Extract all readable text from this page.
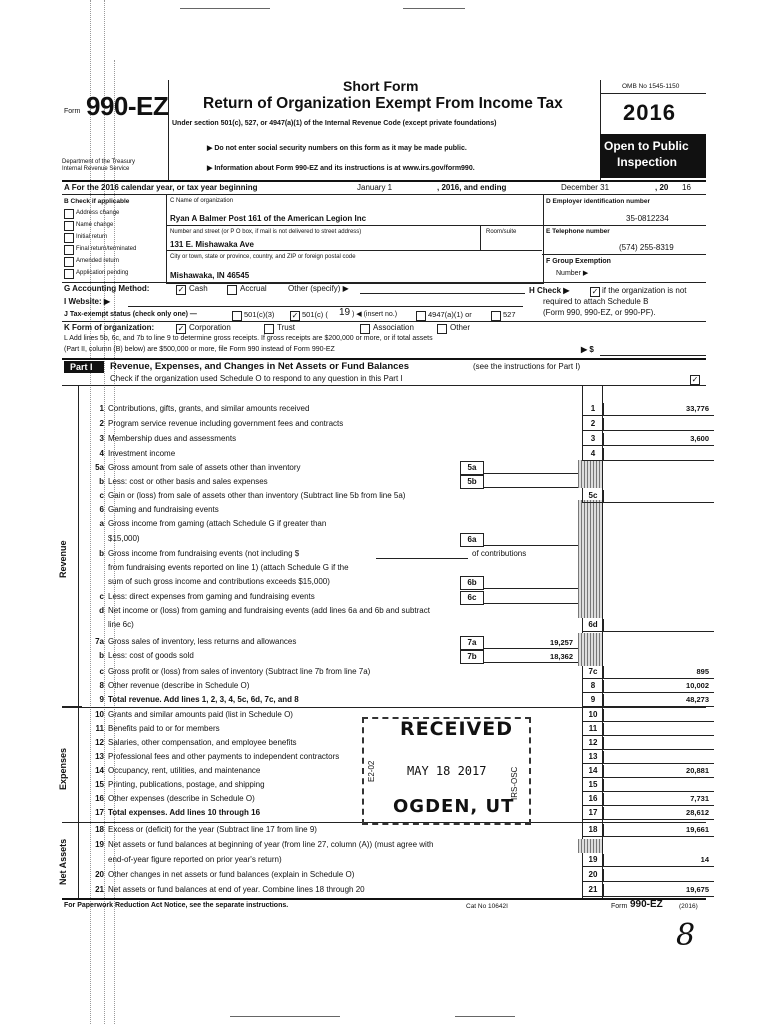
Form 990-EZ
Department of the Treasury
Internal Revenue Service
Short Form
Return of Organization Exempt From Income Tax
Under section 501(c), 527, or 4947(a)(1) of the Internal Revenue Code (except private foundations)
▶ Do not enter social security numbers on this form as it may be made public.
▶ Information about Form 990-EZ and its instructions is at www.irs.gov/form990.
OMB No 1545-1150
2016
Open to Public
Inspection
A For the 2016 calendar year, or tax year beginning	January 1	, 2016, and ending	December 31	, 20 16
B Check if applicable
Address change
Name change
Initial return
Final return/terminated
Amended return
Application pending
C Name of organization
Ryan A Balmer Post 161 of the American Legion Inc
Number and street (or P O box, if mail is not delivered to street address)	Room/suite
131 E. Mishawaka Ave
City or town, state or province, country, and ZIP or foreign postal code
Mishawaka, IN 46545
D Employer identification number
35-0812234
E Telephone number
(574) 255-8319
F Group Exemption
Number ▶
G Accounting Method:	✓ Cash	Accrual	Other (specify) ▶	H Check ▶	✓ if the organization is not
required to attach Schedule B
(Form 990, 990-EZ, or 990-PF).
I Website: ▶
J Tax-exempt status (check only one) —	501(c)(3) ✓ 501(c) ( 19 ) ◀ (insert no.)	4947(a)(1) or	527
K Form of organization:	✓ Corporation	Trust	Association	Other
L Add lines 5b, 6c, and 7b to line 9 to determine gross receipts. If gross receipts are $200,000 or more, or if total assets
(Part II, column (B) below) are $500,000 or more, file Form 990 instead of Form 990-EZ	▶ $
Part I Revenue, Expenses, and Changes in Net Assets or Fund Balances	(see the instructions for Part I)
Check if the organization used Schedule O to respond to any question in this Part I	✓
Revenue
Expenses
Net Assets
1 Contributions, gifts, grants, and similar amounts received	1	33,776
2 Program service revenue including government fees and contracts	2
3 Membership dues and assessments	3	3,600
4 Investment income	4
5a Gross amount from sale of assets other than inventory	5a
b Less: cost or other basis and sales expenses	5b
c Gain or (loss) from sale of assets other than inventory (Subtract line 5b from line 5a)	5c
6 Gaming and fundraising events
a Gross income from gaming (attach Schedule G if greater than
$15,000)	6a
b Gross income from fundraising events (not including $	of contributions
from fundraising events reported on line 1) (attach Schedule G if the
sum of such gross income and contributions exceeds $15,000)	6b
c Less: direct expenses from gaming and fundraising events	6c
d Net income or (loss) from gaming and fundraising events (add lines 6a and 6b and subtract
line 6c)	6d
7a Gross sales of inventory, less returns and allowances	7a	19,257
b Less: cost of goods sold	7b	18,362
c Gross profit or (loss) from sales of inventory (Subtract line 7b from line 7a)	7c	895
8 Other revenue (describe in Schedule O)	8	10,002
9 Total revenue. Add lines 1, 2, 3, 4, 5c, 6d, 7c, and 8	9	48,273
10 Grants and similar amounts paid (list in Schedule O)	10
11 Benefits paid to or for members	11
12 Salaries, other compensation, and employee benefits	12
13 Professional fees and other payments to independent contractors	13
14 Occupancy, rent, utilities, and maintenance	14	20,881
15 Printing, publications, postage, and shipping	15
16 Other expenses (describe in Schedule O)	16	7,731
17 Total expenses. Add lines 10 through 16	17	28,612
18 Excess or (deficit) for the year (Subtract line 17 from line 9)	18	19,661
19 Net assets or fund balances at beginning of year (from line 27, column (A)) (must agree with
end-of-year figure reported on prior year's return)	19	14
20 Other changes in net assets or fund balances (explain in Schedule O)	20
21 Net assets or fund balances at end of year. Combine lines 18 through 20	21	19,675
RECEIVED
MAY 18 2017
OGDEN, UT
E2-02	IRS-OSC
For Paperwork Reduction Act Notice, see the separate instructions.	Cat No 10642I	Form 990-EZ (2016)
8
